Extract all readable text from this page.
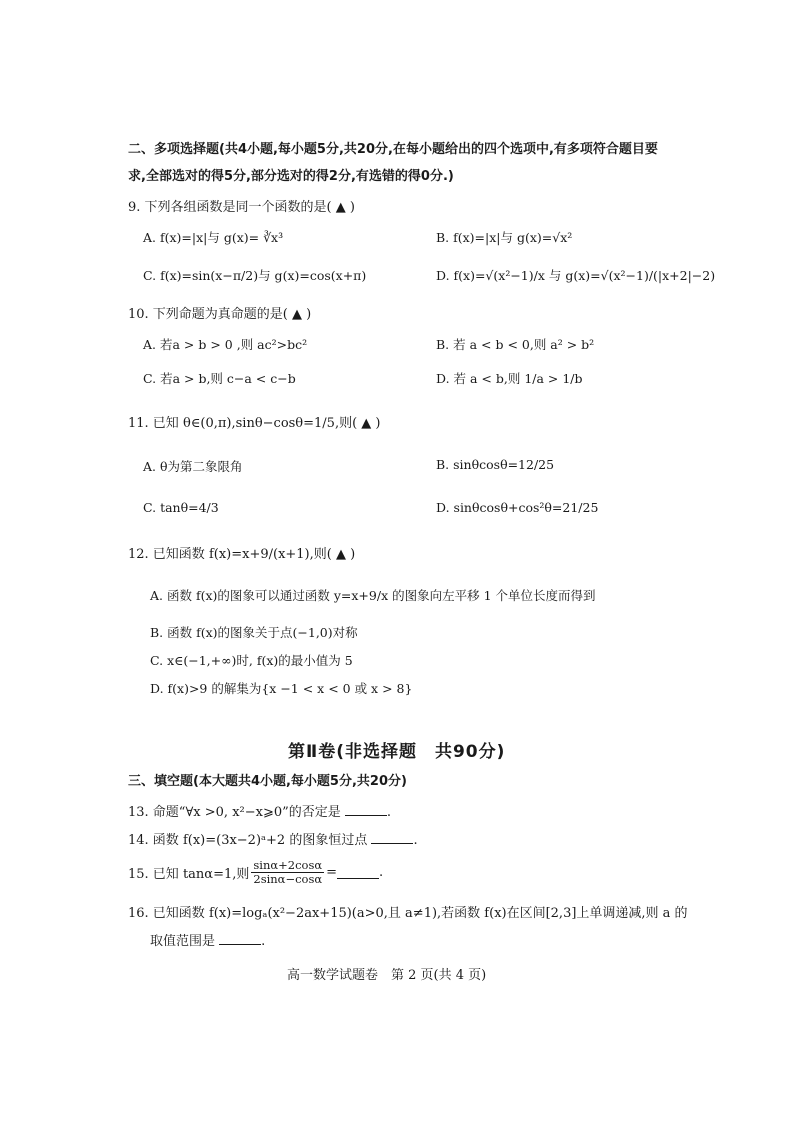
二、多项选择题(共4小题,每小题5分,共20分,在每小题给出的四个选项中,有多项符合题目要
求,全部选对的得5分,部分选对的得2分,有选错的得0分.)
9. 下列各组函数是同一个函数的是( ▲ )
A. f(x)=|x|与 g(x)= ∛x³	B. f(x)=|x|与 g(x)=√x²
C. f(x)=sin(x−π/2)与 g(x)=cos(x+π)	D. f(x)=√(x²−1)/x 与 g(x)=√(x²−1)/(|x+2|−2)
10. 下列命题为真命题的是( ▲ )
A. 若a > b > 0 ,则 ac²>bc²	B. 若 a < b < 0,则 a² > b²
C. 若a > b,则 c−a < c−b	D. 若 a < b,则 1/a > 1/b
11. 已知 θ∈(0,π),sinθ−cosθ=1/5,则( ▲ )
A. θ为第二象限角	B. sinθcosθ=12/25
C. tanθ=4/3	D. sinθcosθ+cos²θ=21/25
12. 已知函数 f(x)=x+9/(x+1),则( ▲ )
A. 函数 f(x)的图象可以通过函数 y=x+9/x 的图象向左平移 1 个单位长度而得到
B. 函数 f(x)的图象关于点(−1,0)对称
C. x∈(−1,+∞)时, f(x)的最小值为 5
D. f(x)>9 的解集为{x −1 < x < 0 或 x > 8}
第Ⅱ卷(非选择题　共90分)
三、填空题(本大题共4小题,每小题5分,共20分)
13. 命题“∀x >0, x²−x⩾0”的否定是	.
14. 函数 f(x)=(3x−2)ᵃ+2 的图象恒过点	.
15. 已知 tanα=1,则 $\frac{\sin\alpha+2\cos\alpha}{2\sin\alpha-\cos\alpha}$ =	.
16. 已知函数 f(x)=logₐ(x²−2ax+15)(a>0,且 a≠1),若函数 f(x)在区间[2,3]上单调递减,则 a 的
取值范围是	.
高一数学试题卷　第 2 页(共 4 页)
